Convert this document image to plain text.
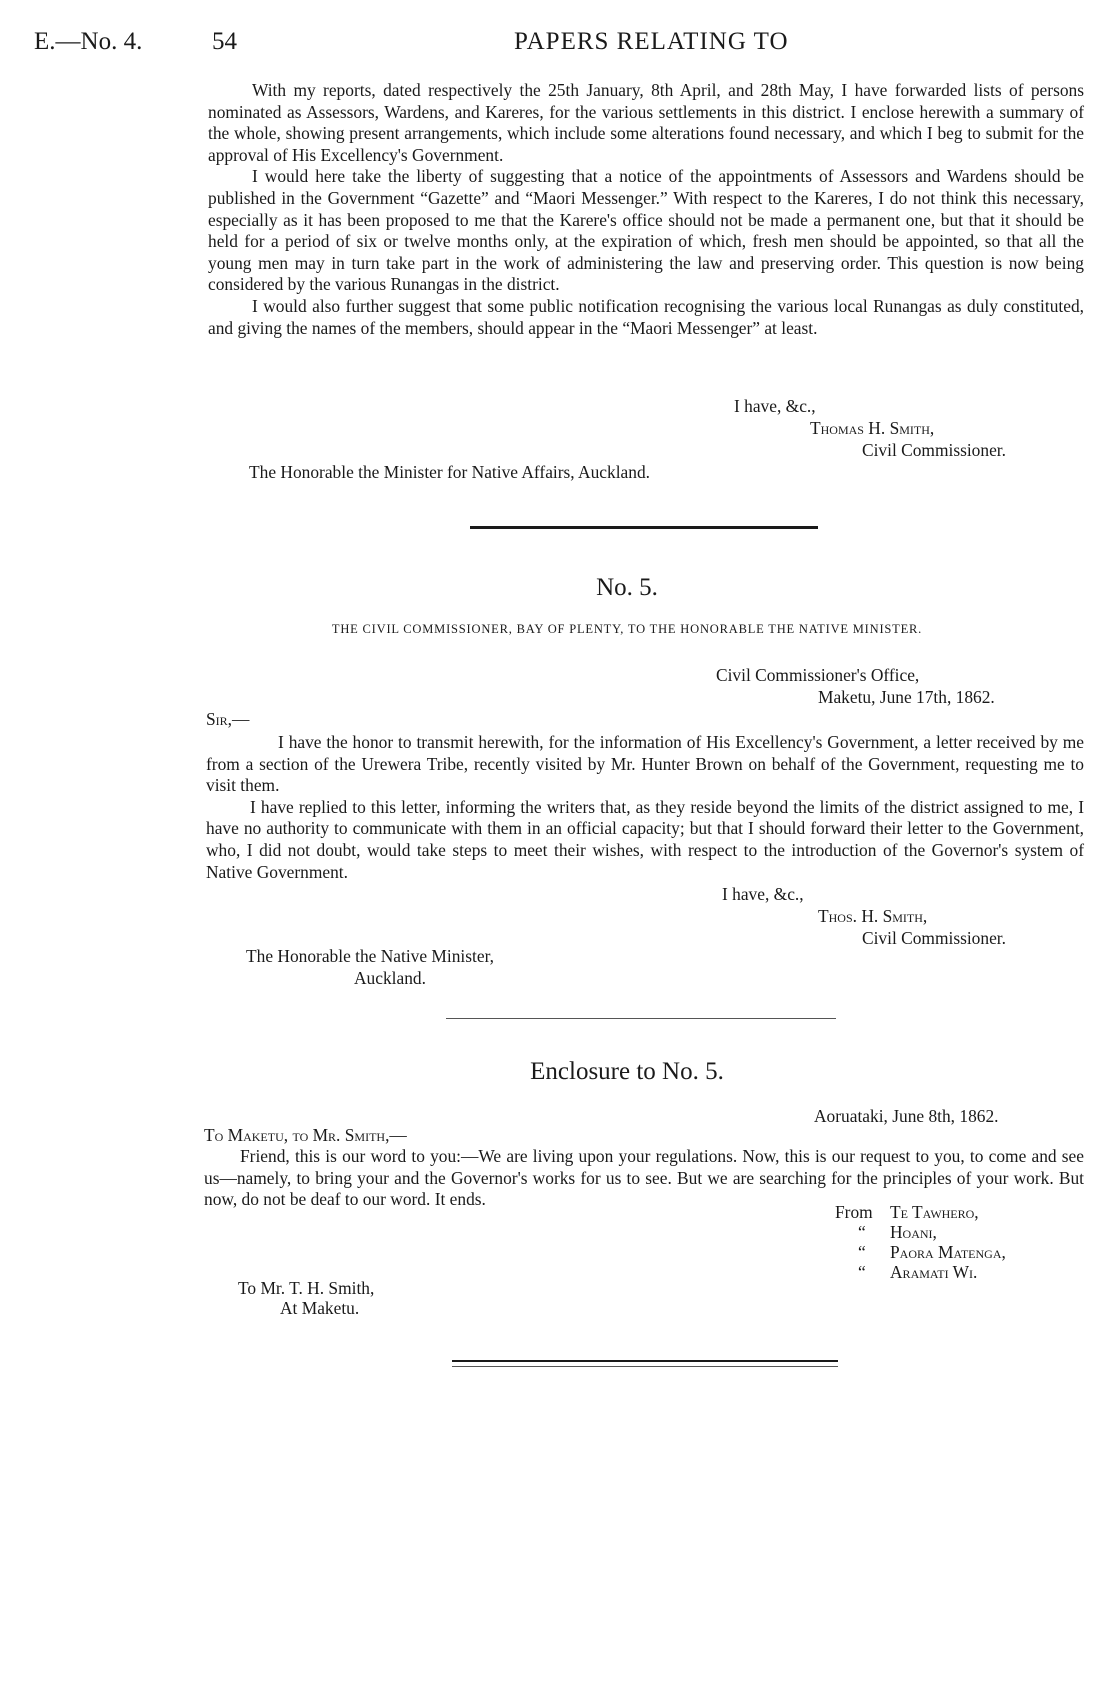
E.—No. 4.	54	PAPERS RELATING TO

With my reports, dated respectively the 25th January, 8th April, and 28th May, I have forwarded lists of persons nominated as Assessors, Wardens, and Kareres, for the various settlements in this district. I enclose herewith a summary of the whole, showing present arrangements, which include some alterations found necessary, and which I beg to submit for the approval of His Excellency's Government.

I would here take the liberty of suggesting that a notice of the appointments of Assessors and Wardens should be published in the Government “Gazette” and “Maori Messenger.” With respect to the Kareres, I do not think this necessary, especially as it has been proposed to me that the Karere's office should not be made a permanent one, but that it should be held for a period of six or twelve months only, at the expiration of which, fresh men should be appointed, so that all the young men may in turn take part in the work of administering the law and preserving order. This question is now being considered by the various Runangas in the district.

I would also further suggest that some public notification recognising the various local Runangas as duly constituted, and giving the names of the members, should appear in the “Maori Messenger” at least.

I have, &c.,
Thomas H. Smith,
Civil Commissioner.
The Honorable the Minister for Native Affairs, Auckland.
No. 5.
THE CIVIL COMMISSIONER, BAY OF PLENTY, TO THE HONORABLE THE NATIVE MINISTER.
Civil Commissioner's Office,
Maketu, June 17th, 1862.
Sir,—

I have the honor to transmit herewith, for the information of His Excellency's Government, a letter received by me from a section of the Urewera Tribe, recently visited by Mr. Hunter Brown on behalf of the Government, requesting me to visit them.

I have replied to this letter, informing the writers that, as they reside beyond the limits of the district assigned to me, I have no authority to communicate with them in an official capacity; but that I should forward their letter to the Government, who, I did not doubt, would take steps to meet their wishes, with respect to the introduction of the Governor's system of Native Government.

I have, &c.,
Thos. H. Smith,
Civil Commissioner.
The Honorable the Native Minister,
Auckland.
Enclosure to No. 5.
Aoruataki, June 8th, 1862.
To Maketu, to Mr. Smith,—

Friend, this is our word to you:—We are living upon your regulations. Now, this is our request to you, to come and see us—namely, to bring your and the Governor's works for us to see. But we are searching for the principles of your work. But now, do not be deaf to our word. It ends.

From Te Tawhero,
“ Hoani,
“ Paora Matenga,
“ Aramati Wi.
To Mr. T. H. Smith,
At Maketu.
